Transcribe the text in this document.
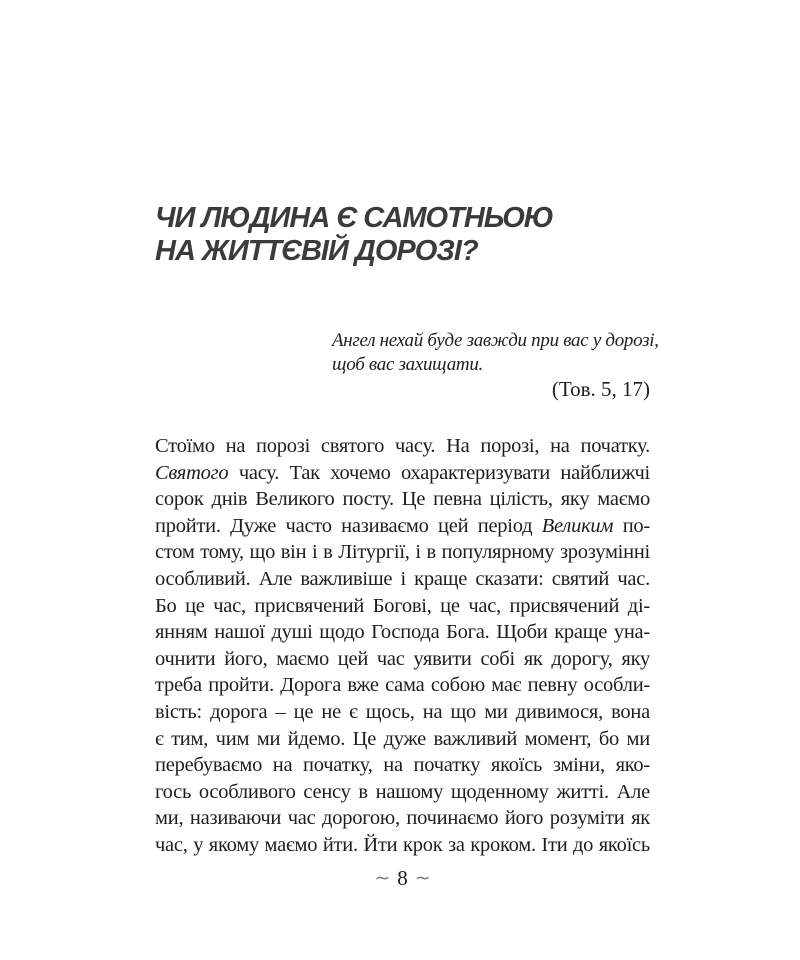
ЧИ ЛЮДИНА Є САМОТНЬОЮ
НА ЖИТТЄВІЙ ДОРОЗІ?
Ангел нехай буде завжди при вас у дорозі,
щоб вас захищати.
(Тов. 5, 17)
Стоїмо на порозі святого часу. На порозі, на початку.
Святого часу. Так хочемо охарактеризувати найближчі
сорок днів Великого посту. Це певна цілість, яку маємо
пройти. Дуже часто називаємо цей період Великим по-
стом тому, що він і в Літургії, і в популярному зрозумінні
особливий. Але важливіше і краще сказати: святий час.
Бо це час, присвячений Богові, це час, присвячений ді-
янням нашої душі щодо Господа Бога. Щоби краще уна-
очнити його, маємо цей час уявити собі як дорогу, яку
треба пройти. Дорога вже сама собою має певну особли-
вість: дорога – це не є щось, на що ми дивимося, вона
є тим, чим ми йдемо. Це дуже важливий момент, бо ми
перебуваємо на початку, на початку якоїсь зміни, яко-
гось особливого сенсу в нашому щоденному житті. Але
ми, називаючи час дорогою, починаємо його розуміти як
час, у якому маємо йти. Йти крок за кроком. Іти до якоїсь
∼ 8 ∼
